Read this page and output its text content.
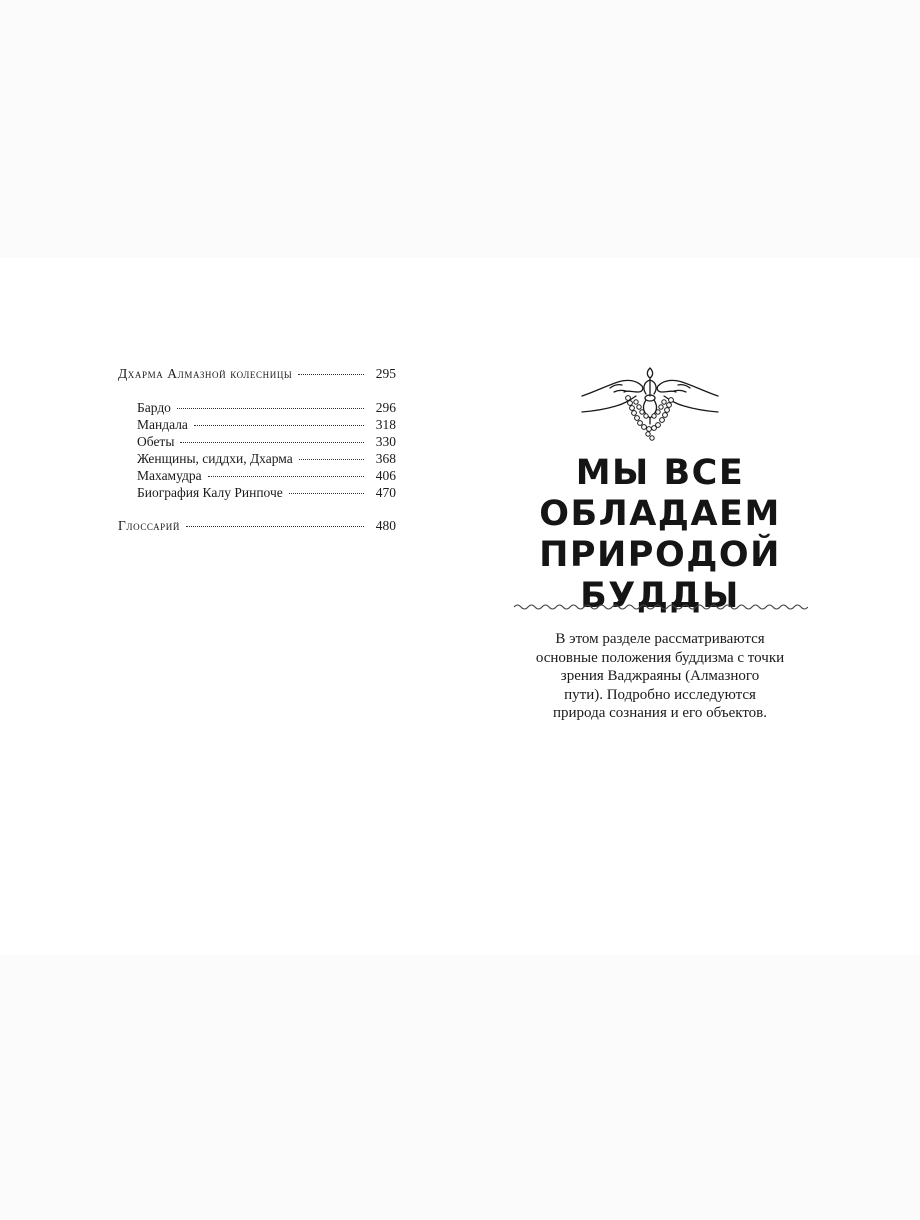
Дхарма Алмазной колесницы	295
Бардо	296
Мандала	318
Обеты	330
Женщины, сиддхи, Дхарма	368
Махамудра	406
Биография Калу Ринпоче	470
Глоссарий	480
МЫ ВСЕ
ОБЛАДАЕМ
ПРИРОДОЙ
БУДДЫ

В этом разделе рассматриваются
основные положения буддизма с точки
зрения Ваджраяны (Алмазного
пути). Подробно исследуются
природа сознания и его объектов.
